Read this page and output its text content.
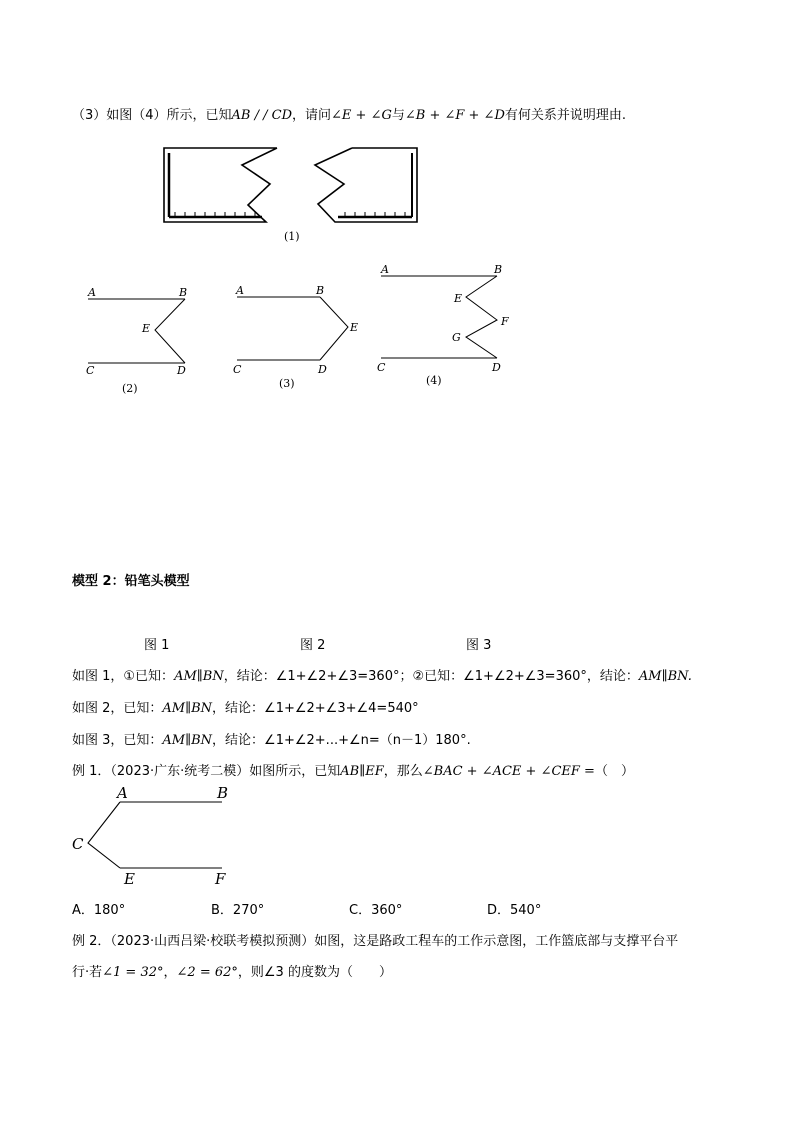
（3）如图（4）所示，已知AB / / CD，请问∠E + ∠G与∠B + ∠F + ∠D有何关系并说明理由.
(1)
A	B
E
C	D
(2)
A	B
E
C	D
(3)
A	B
E
F
G
C	D
(4)
A	B
C
E	F
模型 2：铅笔头模型
图 1	图 2	图 3
如图 1，①已知：AM∥BN，结论：∠1+∠2+∠3=360°；②已知：∠1+∠2+∠3=360°，结论：AM∥BN.
如图 2，已知：AM∥BN，结论：∠1+∠2+∠3+∠4=540°
如图 3，已知：AM∥BN，结论：∠1+∠2+...+∠n=（n－1）180°.
例 1．（2023·广东·统考二模）如图所示，已知AB∥EF，那么∠BAC + ∠ACE + ∠CEF =（　）
A．180°	B．270°	C．360°	D．540°
例 2．（2023·山西吕梁·校联考模拟预测）如图，这是路政工程车的工作示意图，工作篮底部与支撑平台平
行·若∠1 = 32°，∠2 = 62°，则∠3 的度数为（　　）
